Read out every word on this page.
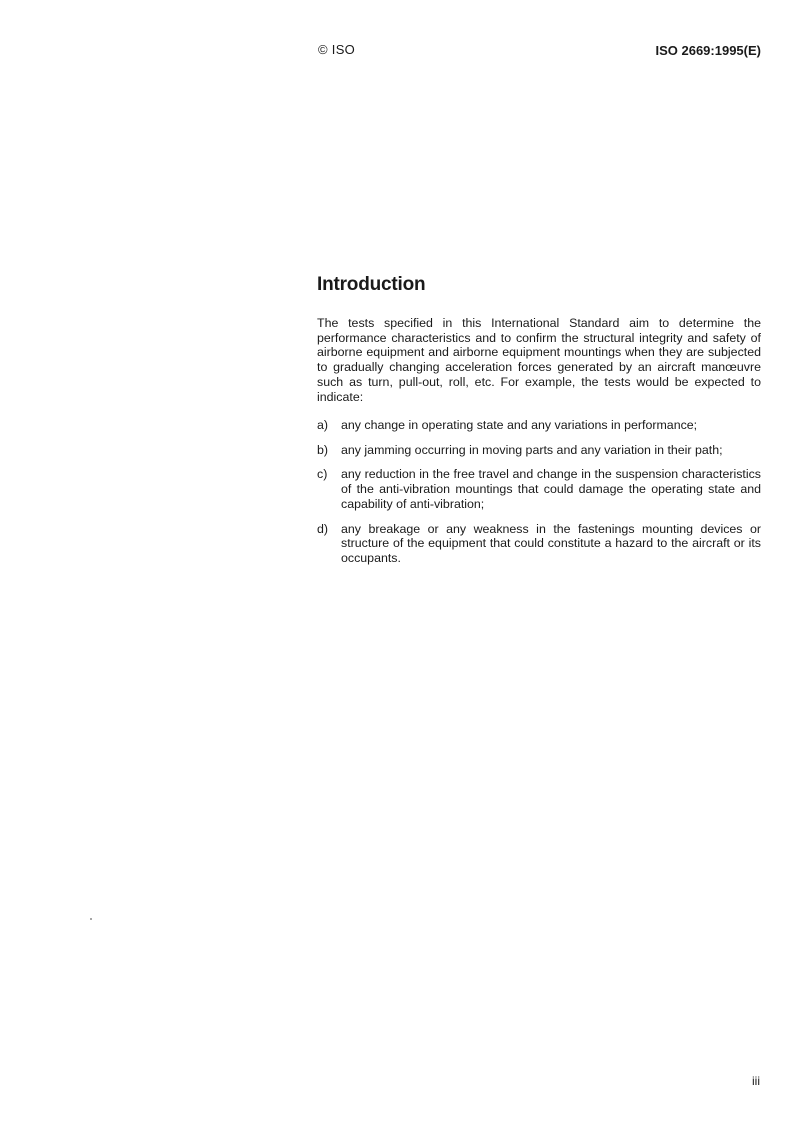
© ISO	ISO 2669:1995(E)
Introduction

The tests specified in this International Standard aim to determine the performance characteristics and to confirm the structural integrity and safety of airborne equipment and airborne equipment mountings when they are subjected to gradually changing acceleration forces generated by an aircraft manœuvre such as turn, pull-out, roll, etc. For example, the tests would be expected to indicate:

a)	any change in operating state and any variations in performance;
b)	any jamming occurring in moving parts and any variation in their path;
c)	any reduction in the free travel and change in the suspension characteristics of the anti-vibration mountings that could damage the operating state and capability of anti-vibration;
d)	any breakage or any weakness in the fastenings mounting devices or structure of the equipment that could constitute a hazard to the aircraft or its occupants.
iii
